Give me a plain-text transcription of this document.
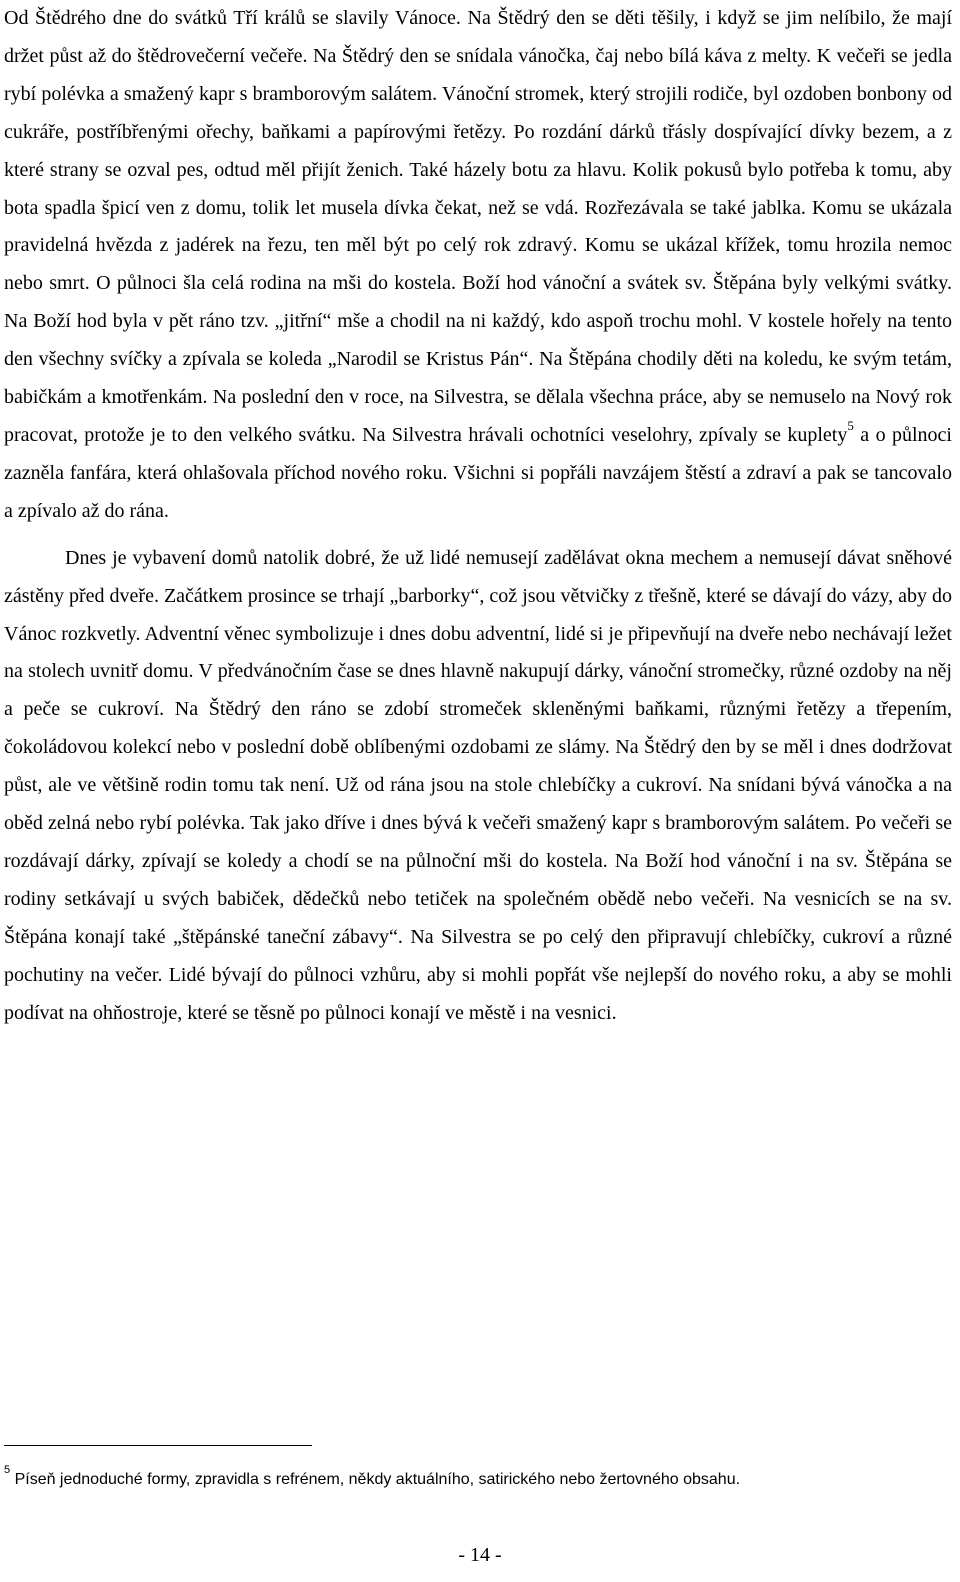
Od Štědrého dne do svátků Tří králů se slavily Vánoce. Na Štědrý den se děti těšily, i když se jim nelíbilo, že mají držet půst až do štědrovečerní večeře. Na Štědrý den se snídala vánočka, čaj nebo bílá káva z melty. K večeři se jedla rybí polévka a smažený kapr s bramborovým salátem. Vánoční stromek, který strojili rodiče, byl ozdoben bonbony od cukráře, postříbřenými ořechy, baňkami a papírovými řetězy. Po rozdání dárků třásly dospívající dívky bezem, a z které strany se ozval pes, odtud měl přijít ženich. Také házely botu za hlavu. Kolik pokusů bylo potřeba k tomu, aby bota spadla špicí ven z domu, tolik let musela dívka čekat, než se vdá. Rozřezávala se také jablka. Komu se ukázala pravidelná hvězda z jadérek na řezu, ten měl být po celý rok zdravý. Komu se ukázal křížek, tomu hrozila nemoc nebo smrt. O půlnoci šla celá rodina na mši do kostela. Boží hod vánoční a svátek sv. Štěpána byly velkými svátky. Na Boží hod byla v pět ráno tzv. „jitřní“ mše a chodil na ni každý, kdo aspoň trochu mohl. V kostele hořely na tento den všechny svíčky a zpívala se koleda „Narodil se Kristus Pán“. Na Štěpána chodily děti na koledu, ke svým tetám, babičkám a kmotřenkám. Na poslední den v roce, na Silvestra, se dělala všechna práce, aby se nemuselo na Nový rok pracovat, protože je to den velkého svátku. Na Silvestra hrávali ochotníci veselohry, zpívaly se kuplety$^5$ a o půlnoci zazněla fanfára, která ohlašovala příchod nového roku. Všichni si popřáli navzájem štěstí a zdraví a pak se tancovalo a zpívalo až do rána.

Dnes je vybavení domů natolik dobré, že už lidé nemusejí zadělávat okna mechem a nemusejí dávat sněhové zástěny před dveře. Začátkem prosince se trhají „barborky“, což jsou větvičky z třešně, které se dávají do vázy, aby do Vánoc rozkvetly. Adventní věnec symbolizuje i dnes dobu adventní, lidé si je připevňují na dveře nebo nechávají ležet na stolech uvnitř domu. V předvánočním čase se dnes hlavně nakupují dárky, vánoční stromečky, různé ozdoby na něj a peče se cukroví. Na Štědrý den ráno se zdobí stromeček skleněnými baňkami, různými řetězy a třepením, čokoládovou kolekcí nebo v poslední době oblíbenými ozdobami ze slámy. Na Štědrý den by se měl i dnes dodržovat půst, ale ve většině rodin tomu tak není. Už od rána jsou na stole chlebíčky a cukroví. Na snídani bývá vánočka a na oběd zelná nebo rybí polévka. Tak jako dříve i dnes bývá k večeři smažený kapr s bramborovým salátem. Po večeři se rozdávají dárky, zpívají se koledy a chodí se na půlnoční mši do kostela. Na Boží hod vánoční i na sv. Štěpána se rodiny setkávají u svých babiček, dědečků nebo tetiček na společném obědě nebo večeři. Na vesnicích se na sv. Štěpána konají také „štěpánské taneční zábavy“. Na Silvestra se po celý den připravují chlebíčky, cukroví a různé pochutiny na večer. Lidé bývají do půlnoci vzhůru, aby si mohli popřát vše nejlepší do nového roku, a aby se mohli podívat na ohňostroje, které se těsně po půlnoci konají ve městě i na vesnici.

$^5$ Píseň jednoduché formy, zpravidla s refrénem, někdy aktuálního, satirického nebo žertovného obsahu.
- 14 -
